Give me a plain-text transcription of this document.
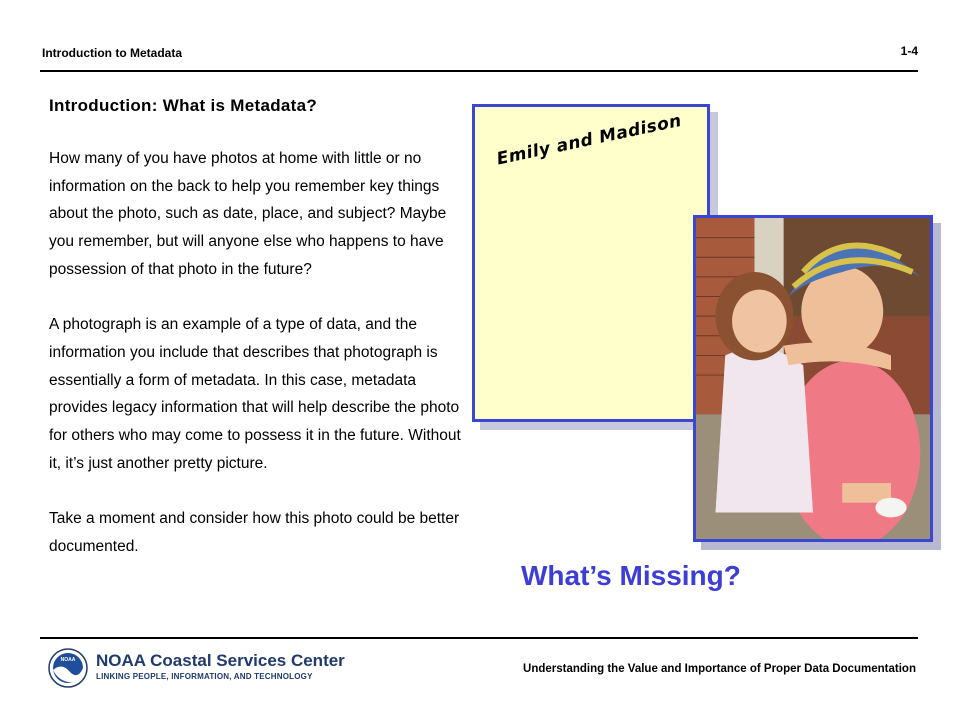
Introduction to Metadata	1-4
Introduction: What is Metadata?

How many of you have photos at home with little or no information on the back to help you remember key things about the photo, such as date, place, and subject? Maybe you remember, but will anyone else who happens to have possession of that photo in the future?

A photograph is an example of a type of data, and the information you include that describes that photograph is essentially a form of metadata. In this case, metadata provides legacy information that will help describe the photo for others who may come to possess it in the future. Without it, it’s just another pretty picture.

Take a moment and consider how this photo could be better documented.

Emily and Madison
What’s Missing?
NOAA NOAA Coastal Services Center
LINKING PEOPLE, INFORMATION, AND TECHNOLOGY
Understanding the Value and Importance of Proper Data Documentation
